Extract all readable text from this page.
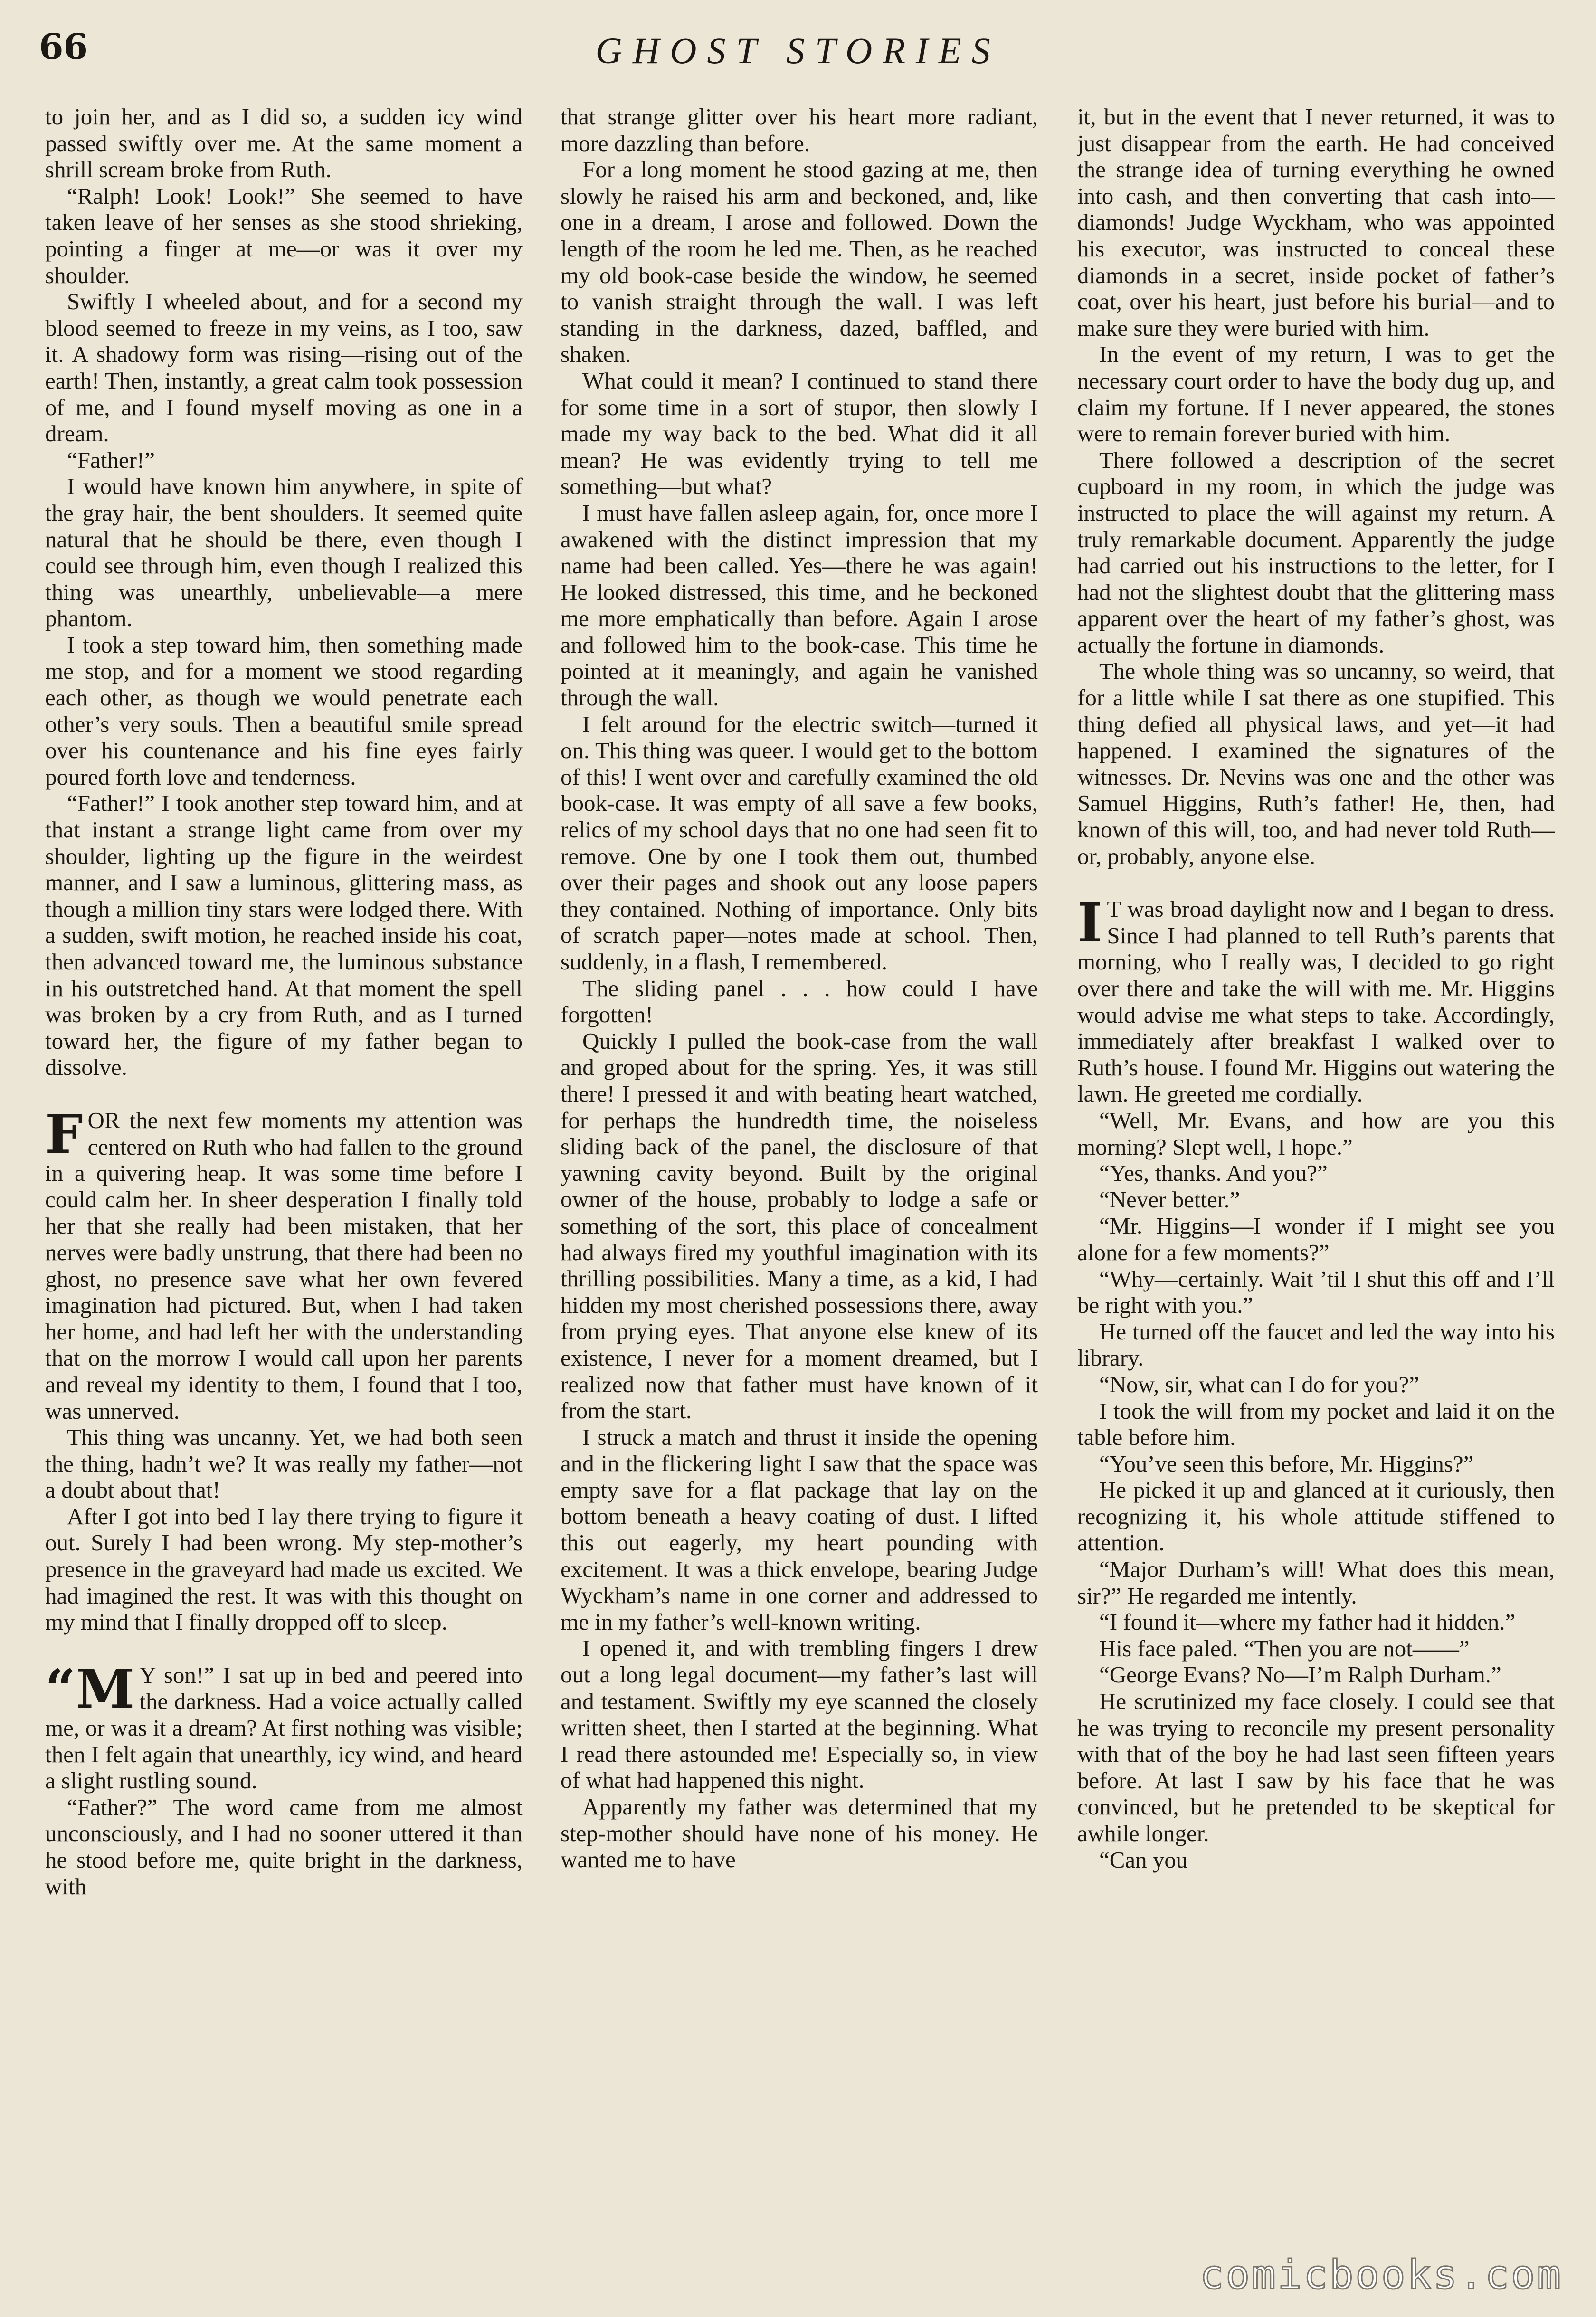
66	GHOST STORIES

to join her, and as I did so, a sudden icy wind passed swiftly over me. At the same moment a shrill scream broke from Ruth.

“Ralph! Look! Look!” She seemed to have taken leave of her senses as she stood shrieking, pointing a finger at me—or was it over my shoulder.

Swiftly I wheeled about, and for a second my blood seemed to freeze in my veins, as I too, saw it. A shadowy form was rising—rising out of the earth! Then, instantly, a great calm took possession of me, and I found myself moving as one in a dream.

“Father!”

I would have known him anywhere, in spite of the gray hair, the bent shoulders. It seemed quite natural that he should be there, even though I could see through him, even though I realized this thing was unearthly, unbelievable—a mere phantom.

I took a step toward him, then something made me stop, and for a moment we stood regarding each other, as though we would penetrate each other’s very souls. Then a beautiful smile spread over his countenance and his fine eyes fairly poured forth love and tenderness.

“Father!” I took another step toward him, and at that instant a strange light came from over my shoulder, lighting up the figure in the weirdest manner, and I saw a luminous, glittering mass, as though a million tiny stars were lodged there. With a sudden, swift motion, he reached inside his coat, then advanced toward me, the luminous substance in his outstretched hand. At that moment the spell was broken by a cry from Ruth, and as I turned toward her, the figure of my father began to dissolve.

FOR the next few moments my attention was centered on Ruth who had fallen to the ground in a quivering heap. It was some time before I could calm her. In sheer desperation I finally told her that she really had been mistaken, that her nerves were badly unstrung, that there had been no ghost, no presence save what her own fevered imagination had pictured. But, when I had taken her home, and had left her with the understanding that on the morrow I would call upon her parents and reveal my identity to them, I found that I too, was unnerved.

This thing was uncanny. Yet, we had both seen the thing, hadn’t we? It was really my father—not a doubt about that!

After I got into bed I lay there trying to figure it out. Surely I had been wrong. My step-mother’s presence in the graveyard had made us excited. We had imagined the rest. It was with this thought on my mind that I finally dropped off to sleep.

“M Y son!” I sat up in bed and peered into the darkness. Had a voice actually called me, or was it a dream? At first nothing was visible; then I felt again that unearthly, icy wind, and heard a slight rustling sound.

“Father?” The word came from me almost unconsciously, and I had no sooner uttered it than he stood before me, quite bright in the darkness, with

that strange glitter over his heart more radiant, more dazzling than before.

For a long moment he stood gazing at me, then slowly he raised his arm and beckoned, and, like one in a dream, I arose and followed. Down the length of the room he led me. Then, as he reached my old book-case beside the window, he seemed to vanish straight through the wall. I was left standing in the darkness, dazed, baffled, and shaken.

What could it mean? I continued to stand there for some time in a sort of stupor, then slowly I made my way back to the bed. What did it all mean? He was evidently trying to tell me something—but what?

I must have fallen asleep again, for, once more I awakened with the distinct impression that my name had been called. Yes—there he was again! He looked distressed, this time, and he beckoned me more emphatically than before. Again I arose and followed him to the book-case. This time he pointed at it meaningly, and again he vanished through the wall.

I felt around for the electric switch—turned it on. This thing was queer. I would get to the bottom of this! I went over and carefully examined the old book-case. It was empty of all save a few books, relics of my school days that no one had seen fit to remove. One by one I took them out, thumbed over their pages and shook out any loose papers they contained. Nothing of importance. Only bits of scratch paper—notes made at school. Then, suddenly, in a flash, I remembered.

The sliding panel . . . how could I have forgotten!

Quickly I pulled the book-case from the wall and groped about for the spring. Yes, it was still there! I pressed it and with beating heart watched, for perhaps the hundredth time, the noiseless sliding back of the panel, the disclosure of that yawning cavity beyond. Built by the original owner of the house, probably to lodge a safe or something of the sort, this place of concealment had always fired my youthful imagination with its thrilling possibilities. Many a time, as a kid, I had hidden my most cherished possessions there, away from prying eyes. That anyone else knew of its existence, I never for a moment dreamed, but I realized now that father must have known of it from the start.

I struck a match and thrust it inside the opening and in the flickering light I saw that the space was empty save for a flat package that lay on the bottom beneath a heavy coating of dust. I lifted this out eagerly, my heart pounding with excitement. It was a thick envelope, bearing Judge Wyckham’s name in one corner and addressed to me in my father’s well-known writing.

I opened it, and with trembling fingers I drew out a long legal document—my father’s last will and testament. Swiftly my eye scanned the closely written sheet, then I started at the beginning. What I read there astounded me! Especially so, in view of what had happened this night.

Apparently my father was determined that my step-mother should have none of his money. He wanted me to have

it, but in the event that I never returned, it was to just disappear from the earth. He had conceived the strange idea of turning everything he owned into cash, and then converting that cash into—diamonds! Judge Wyckham, who was appointed his executor, was instructed to conceal these diamonds in a secret, inside pocket of father’s coat, over his heart, just before his burial—and to make sure they were buried with him.

In the event of my return, I was to get the necessary court order to have the body dug up, and claim my fortune. If I never appeared, the stones were to remain forever buried with him.

There followed a description of the secret cupboard in my room, in which the judge was instructed to place the will against my return. A truly remarkable document. Apparently the judge had carried out his instructions to the letter, for I had not the slightest doubt that the glittering mass apparent over the heart of my father’s ghost, was actually the fortune in diamonds.

The whole thing was so uncanny, so weird, that for a little while I sat there as one stupified. This thing defied all physical laws, and yet—it had happened. I examined the signatures of the witnesses. Dr. Nevins was one and the other was Samuel Higgins, Ruth’s father! He, then, had known of this will, too, and had never told Ruth—or, probably, anyone else.

I T was broad daylight now and I began to dress. Since I had planned to tell Ruth’s parents that morning, who I really was, I decided to go right over there and take the will with me. Mr. Higgins would advise me what steps to take. Accordingly, immediately after breakfast I walked over to Ruth’s house. I found Mr. Higgins out watering the lawn. He greeted me cordially.

“Well, Mr. Evans, and how are you this morning? Slept well, I hope.”

“Yes, thanks. And you?”

“Never better.”

“Mr. Higgins—I wonder if I might see you alone for a few moments?”

“Why—certainly. Wait ’til I shut this off and I’ll be right with you.”

He turned off the faucet and led the way into his library.

“Now, sir, what can I do for you?”

I took the will from my pocket and laid it on the table before him.

“You’ve seen this before, Mr. Higgins?”

He picked it up and glanced at it curiously, then recognizing it, his whole attitude stiffened to attention.

“Major Durham’s will! What does this mean, sir?” He regarded me intently.

“I found it—where my father had it hidden.”

His face paled. “Then you are not——”

“George Evans? No—I’m Ralph Durham.”

He scrutinized my face closely. I could see that he was trying to reconcile my present personality with that of the boy he had last seen fifteen years before. At last I saw by his face that he was convinced, but he pretended to be skeptical for awhile longer.

“Can you

comicbooks.com
